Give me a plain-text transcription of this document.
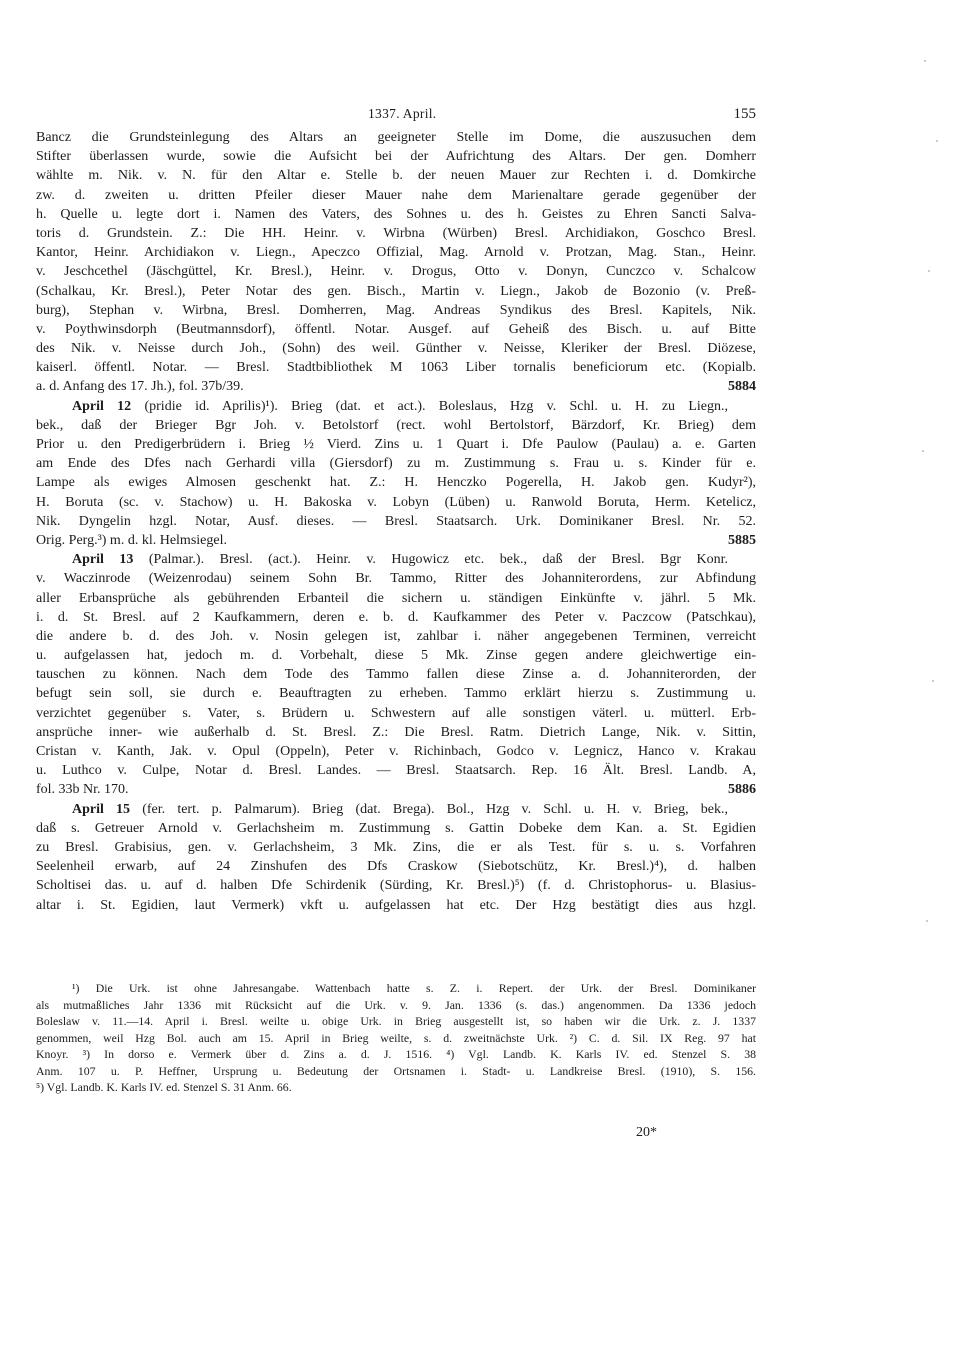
1337. April.	155
Bancz die Grundsteinlegung des Altars an geeigneter Stelle im Dome, die auszusuchen dem
Stifter überlassen wurde, sowie die Aufsicht bei der Aufrichtung des Altars. Der gen. Domherr
wählte m. Nik. v. N. für den Altar e. Stelle b. der neuen Mauer zur Rechten i. d. Domkirche
zw. d. zweiten u. dritten Pfeiler dieser Mauer nahe dem Marienaltare gerade gegenüber der
h. Quelle u. legte dort i. Namen des Vaters, des Sohnes u. des h. Geistes zu Ehren Sancti Salva-
toris d. Grundstein. Z.: Die HH. Heinr. v. Wirbna (Würben) Bresl. Archidiakon, Goschco Bresl.
Kantor, Heinr. Archidiakon v. Liegn., Apeczco Offizial, Mag. Arnold v. Protzan, Mag. Stan., Heinr.
v. Jeschcethel (Jäschgüttel, Kr. Bresl.), Heinr. v. Drogus, Otto v. Donyn, Cunczco v. Schalcow
(Schalkau, Kr. Bresl.), Peter Notar des gen. Bisch., Martin v. Liegn., Jakob de Bozonio (v. Preß-
burg), Stephan v. Wirbna, Bresl. Domherren, Mag. Andreas Syndikus des Bresl. Kapitels, Nik.
v. Poythwinsdorph (Beutmannsdorf), öffentl. Notar. Ausgef. auf Geheiß des Bisch. u. auf Bitte
des Nik. v. Neisse durch Joh., (Sohn) des weil. Günther v. Neisse, Kleriker der Bresl. Diözese,
kaiserl. öffentl. Notar. — Bresl. Stadtbibliothek M 1063 Liber tornalis beneficiorum etc. (Kopialb.
a. d. Anfang des 17. Jh.), fol. 37b/39.	5884
April 12 (pridie id. Aprilis)¹). Brieg (dat. et act.). Boleslaus, Hzg v. Schl. u. H. zu Liegn.,
bek., daß der Brieger Bgr Joh. v. Betolstorf (rect. wohl Bertolstorf, Bärzdorf, Kr. Brieg) dem
Prior u. den Predigerbrüdern i. Brieg ½ Vierd. Zins u. 1 Quart i. Dfe Paulow (Paulau) a. e. Garten
am Ende des Dfes nach Gerhardi villa (Giersdorf) zu m. Zustimmung s. Frau u. s. Kinder für e.
Lampe als ewiges Almosen geschenkt hat. Z.: H. Henczko Pogerella, H. Jakob gen. Kudyr²),
H. Boruta (sc. v. Stachow) u. H. Bakoska v. Lobyn (Lüben) u. Ranwold Boruta, Herm. Ketelicz,
Nik. Dyngelin hzgl. Notar, Ausf. dieses. — Bresl. Staatsarch. Urk. Dominikaner Bresl. Nr. 52.
Orig. Perg.³) m. d. kl. Helmsiegel.	5885
April 13 (Palmar.). Bresl. (act.). Heinr. v. Hugowicz etc. bek., daß der Bresl. Bgr Konr.
v. Waczinrode (Weizenrodau) seinem Sohn Br. Tammo, Ritter des Johanniterordens, zur Abfindung
aller Erbansprüche als gebührenden Erbanteil die sichern u. ständigen Einkünfte v. jährl. 5 Mk.
i. d. St. Bresl. auf 2 Kaufkammern, deren e. b. d. Kaufkammer des Peter v. Paczcow (Patschkau),
die andere b. d. des Joh. v. Nosin gelegen ist, zahlbar i. näher angegebenen Terminen, verreicht
u. aufgelassen hat, jedoch m. d. Vorbehalt, diese 5 Mk. Zinse gegen andere gleichwertige ein-
tauschen zu können. Nach dem Tode des Tammo fallen diese Zinse a. d. Johanniterorden, der
befugt sein soll, sie durch e. Beauftragten zu erheben. Tammo erklärt hierzu s. Zustimmung u.
verzichtet gegenüber s. Vater, s. Brüdern u. Schwestern auf alle sonstigen väterl. u. mütterl. Erb-
ansprüche inner- wie außerhalb d. St. Bresl. Z.: Die Bresl. Ratm. Dietrich Lange, Nik. v. Sittin,
Cristan v. Kanth, Jak. v. Opul (Oppeln), Peter v. Richinbach, Godco v. Legnicz, Hanco v. Krakau
u. Luthco v. Culpe, Notar d. Bresl. Landes. — Bresl. Staatsarch. Rep. 16 Ält. Bresl. Landb. A,
fol. 33b Nr. 170.	5886
April 15 (fer. tert. p. Palmarum). Brieg (dat. Brega). Bol., Hzg v. Schl. u. H. v. Brieg, bek.,
daß s. Getreuer Arnold v. Gerlachsheim m. Zustimmung s. Gattin Dobeke dem Kan. a. St. Egidien
zu Bresl. Grabisius, gen. v. Gerlachsheim, 3 Mk. Zins, die er als Test. für s. u. s. Vorfahren
Seelenheil erwarb, auf 24 Zinshufen des Dfs Craskow (Siebotschütz, Kr. Bresl.)⁴), d. halben
Scholtisei das. u. auf d. halben Dfe Schirdenik (Sürding, Kr. Bresl.)⁵) (f. d. Christophorus- u. Blasius-
altar i. St. Egidien, laut Vermerk) vkft u. aufgelassen hat etc. Der Hzg bestätigt dies aus hzgl.
¹) Die Urk. ist ohne Jahresangabe. Wattenbach hatte s. Z. i. Repert. der Urk. der Bresl. Dominikaner
als mutmaßliches Jahr 1336 mit Rücksicht auf die Urk. v. 9. Jan. 1336 (s. das.) angenommen. Da 1336 jedoch
Boleslaw v. 11.—14. April i. Bresl. weilte u. obige Urk. in Brieg ausgestellt ist, so haben wir die Urk. z. J. 1337
genommen, weil Hzg Bol. auch am 15. April in Brieg weilte, s. d. zweitnächste Urk. ²) C. d. Sil. IX Reg. 97 hat
Knoyr. ³) In dorso e. Vermerk über d. Zins a. d. J. 1516. ⁴) Vgl. Landb. K. Karls IV. ed. Stenzel S. 38
Anm. 107 u. P. Heffner, Ursprung u. Bedeutung der Ortsnamen i. Stadt- u. Landkreise Bresl. (1910), S. 156.
⁵) Vgl. Landb. K. Karls IV. ed. Stenzel S. 31 Anm. 66.
20*
